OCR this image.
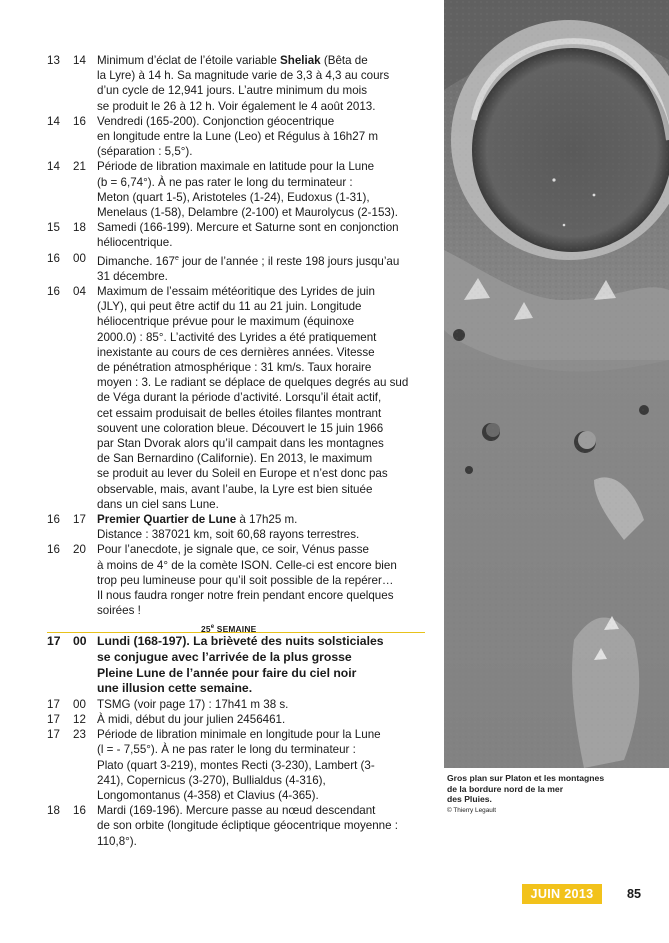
13	14 Minimum d’éclat de l’étoile variable Sheliak (Bêta de
la Lyre) à 14 h. Sa magnitude varie de 3,3 à 4,3 au cours
d’un cycle de 12,941 jours. L’autre minimum du mois
se produit le 26 à 12 h. Voir également le 4 août 2013.
14	16 Vendredi (165-200). Conjonction géocentrique
en longitude entre la Lune (Leo) et Régulus à 16h27 m
(séparation : 5,5°).
14	21 Période de libration maximale en latitude pour la Lune
(b = 6,74°). À ne pas rater le long du terminateur :
Meton (quart 1-5), Aristoteles (1-24), Eudoxus (1-31),
Menelaus (1-58), Delambre (2-100) et Maurolycus (2-153).
15	18 Samedi (166-199). Mercure et Saturne sont en conjonction
héliocentrique.
16	00 Dimanche. 167e jour de l’année ; il reste 198 jours jusqu’au
31 décembre.
16	04 Maximum de l’essaim météoritique des Lyrides de juin
(JLY), qui peut être actif du 11 au 21 juin. Longitude
héliocentrique prévue pour le maximum (équinoxe
2000.0) : 85°. L’activité des Lyrides a été pratiquement
inexistante au cours de ces dernières années. Vitesse
de pénétration atmosphérique : 31 km/s. Taux horaire
moyen : 3. Le radiant se déplace de quelques degrés au sud
de Véga durant la période d’activité. Lorsqu’il était actif,
cet essaim produisait de belles étoiles filantes montrant
souvent une coloration bleue. Découvert le 15 juin 1966
par Stan Dvorak alors qu’il campait dans les montagnes
de San Bernardino (Californie). En 2013, le maximum
se produit au lever du Soleil en Europe et n’est donc pas
observable, mais, avant l’aube, la Lyre est bien située
dans un ciel sans Lune.
16	17 Premier Quartier de Lune à 17h25 m.
Distance : 387021 km, soit 60,68 rayons terrestres.
16	20 Pour l’anecdote, je signale que, ce soir, Vénus passe
à moins de 4° de la comète ISON. Celle-ci est encore bien
trop peu lumineuse pour qu’il soit possible de la repérer…
Il nous faudra ronger notre frein pendant encore quelques
soirées !
25e SEMAINE
17	00 Lundi (168-197). La brièveté des nuits solsticiales
se conjugue avec l’arrivée de la plus grosse
Pleine Lune de l’année pour faire du ciel noir
une illusion cette semaine.
17	00 TSMG (voir page 17) : 17h41 m 38 s.
17	12 À midi, début du jour julien 2456461.
17	23 Période de libration minimale en longitude pour la Lune
(l = - 7,55°). À ne pas rater le long du terminateur :
Plato (quart 3-219), montes Recti (3-230), Lambert (3-
241), Copernicus (3-270), Bullialdus (4-316),
Longomontanus (4-358) et Clavius (4-365).
18	16 Mardi (169-196). Mercure passe au nœud descendant
de son orbite (longitude écliptique géocentrique moyenne :
110,8°).
Gros plan sur Platon et les montagnes
de la bordure nord de la mer
des Pluies.
© Thierry Legault
JUIN 2013	85
